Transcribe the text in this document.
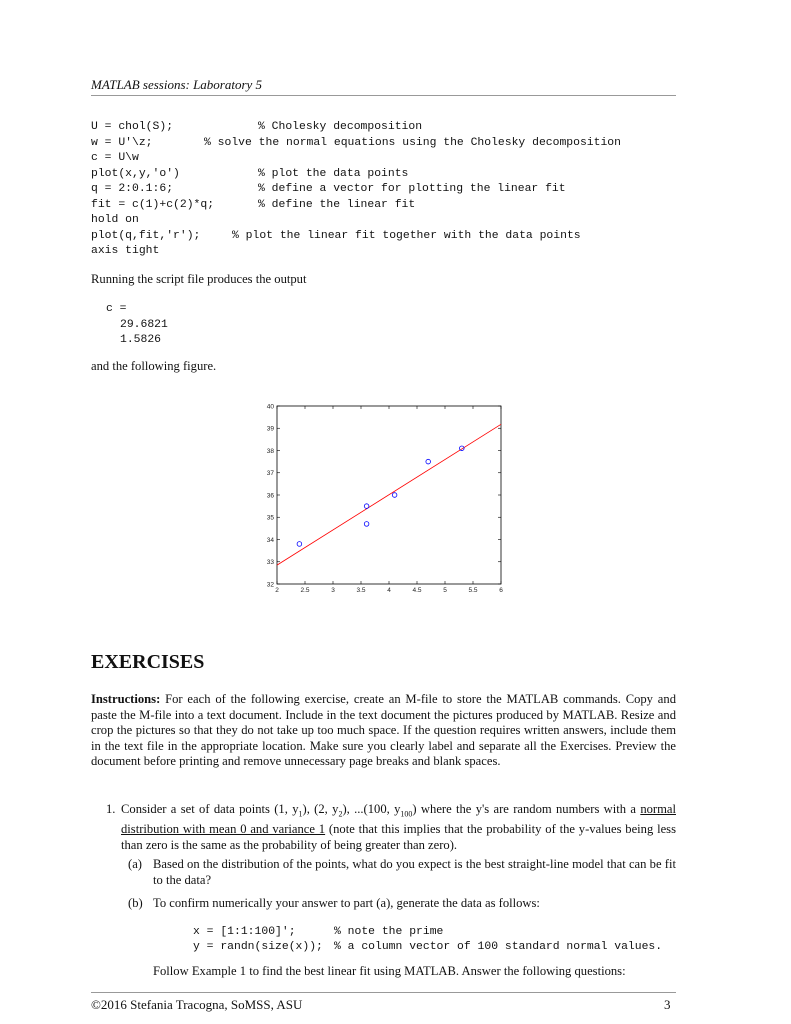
MATLAB sessions: Laboratory 5
U = chol(S);	% Cholesky decomposition
w = U'\z;	% solve the normal equations using the Cholesky decomposition
c = U\w
plot(x,y,'o')	% plot the data points
q = 2:0.1:6;	% define a vector for plotting the linear fit
fit = c(1)+c(2)*q;	% define the linear fit
hold on
plot(q,fit,'r');	% plot the linear fit together with the data points
axis tight
Running the script file produces the output
c =
29.6821
1.5826
and the following figure.
2	2.5	3	3.5	4	4.5	5	5.5	6
32
33
34
35
36
37
38
39
40
EXERCISES
Instructions: For each of the following exercise, create an M-file to store the MATLAB commands. Copy and paste the M-file into a text document. Include in the text document the pictures produced by MATLAB. Resize and crop the pictures so that they do not take up too much space. If the question requires written answers, include them in the text file in the appropriate location. Make sure you clearly label and separate all the Exercises. Preview the document before printing and remove unnecessary page breaks and blank spaces.
1. Consider a set of data points (1, $y_1$), (2, $y_2$), ...(100, $y_{100}$) where the y's are random numbers with a normal distribution with mean 0 and variance 1 (note that this implies that the probability of the y-values being less than zero is the same as the probability of being greater than zero).
(a) Based on the distribution of the points, what do you expect is the best straight-line model that can be fit to the data?
(b) To confirm numerically your answer to part (a), generate the data as follows:
x = [1:1:100]';	% note the prime
y = randn(size(x)); % a column vector of 100 standard normal values.
Follow Example 1 to find the best linear fit using MATLAB. Answer the following questions:
©2016 Stefania Tracogna, SoMSS, ASU	3
